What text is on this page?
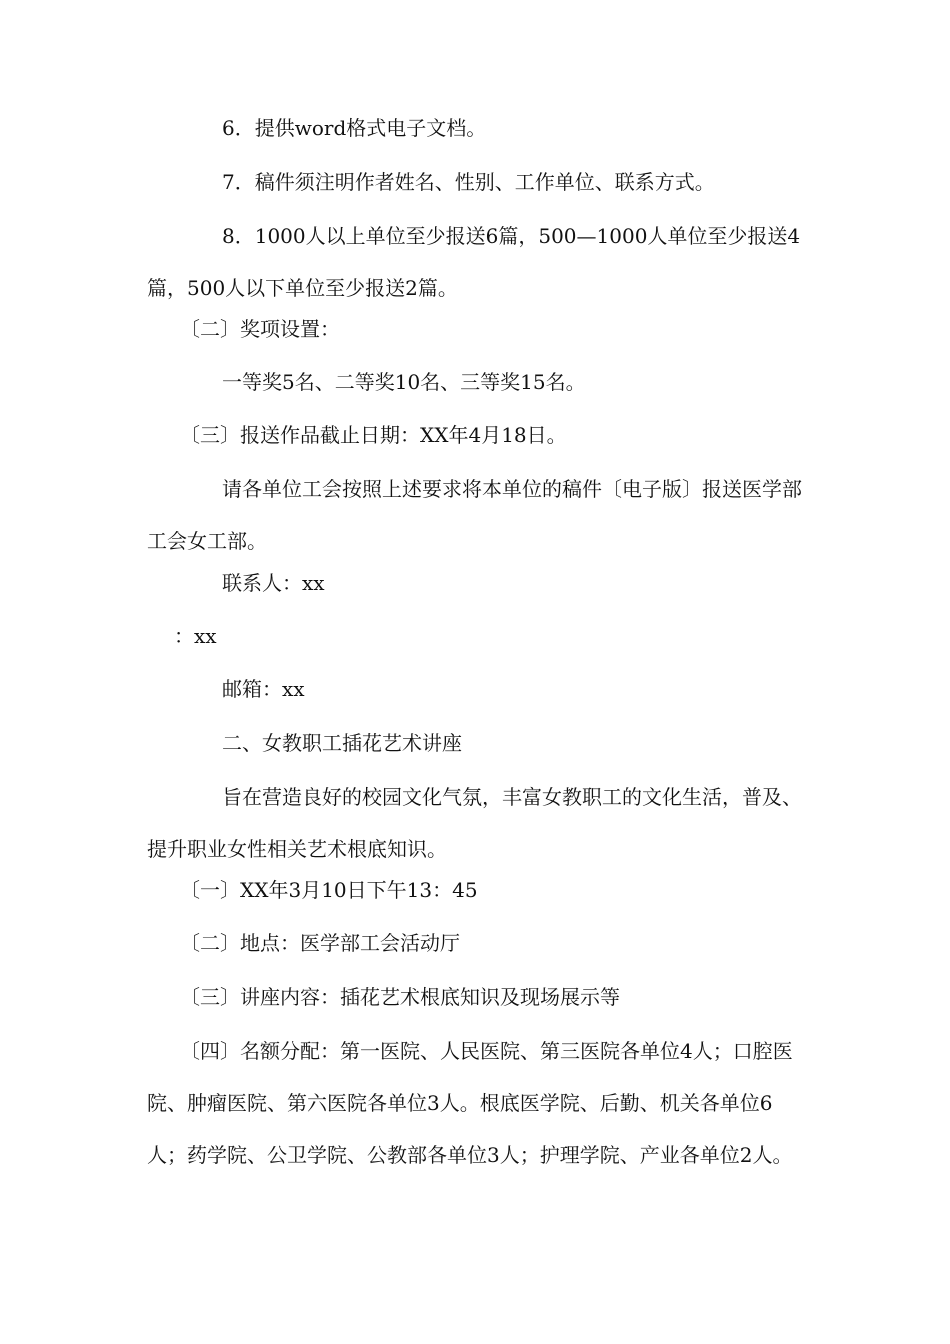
6．提供word格式电子文档。

7．稿件须注明作者姓名、性别、工作单位、联系方式。

8．1000人以上单位至少报送6篇，500—1000人单位至少报送4篇，500人以下单位至少报送2篇。

〔二〕奖项设置：

一等奖5名、二等奖10名、三等奖15名。

〔三〕报送作品截止日期：XX年4月18日。

请各单位工会按照上述要求将本单位的稿件〔电子版〕报送医学部工会女工部。

联系人：xx

：xx

邮箱：xx

二、女教职工插花艺术讲座

旨在营造良好的校园文化气氛，丰富女教职工的文化生活，普及、提升职业女性相关艺术根底知识。

〔一〕XX年3月10日下午13：45

〔二〕地点：医学部工会活动厅

〔三〕讲座内容：插花艺术根底知识及现场展示等

〔四〕名额分配：第一医院、人民医院、第三医院各单位4人；口腔医院、肿瘤医院、第六医院各单位3人。根底医学院、后勤、机关各单位6人；药学院、公卫学院、公教部各单位3人；护理学院、产业各单位2人。
